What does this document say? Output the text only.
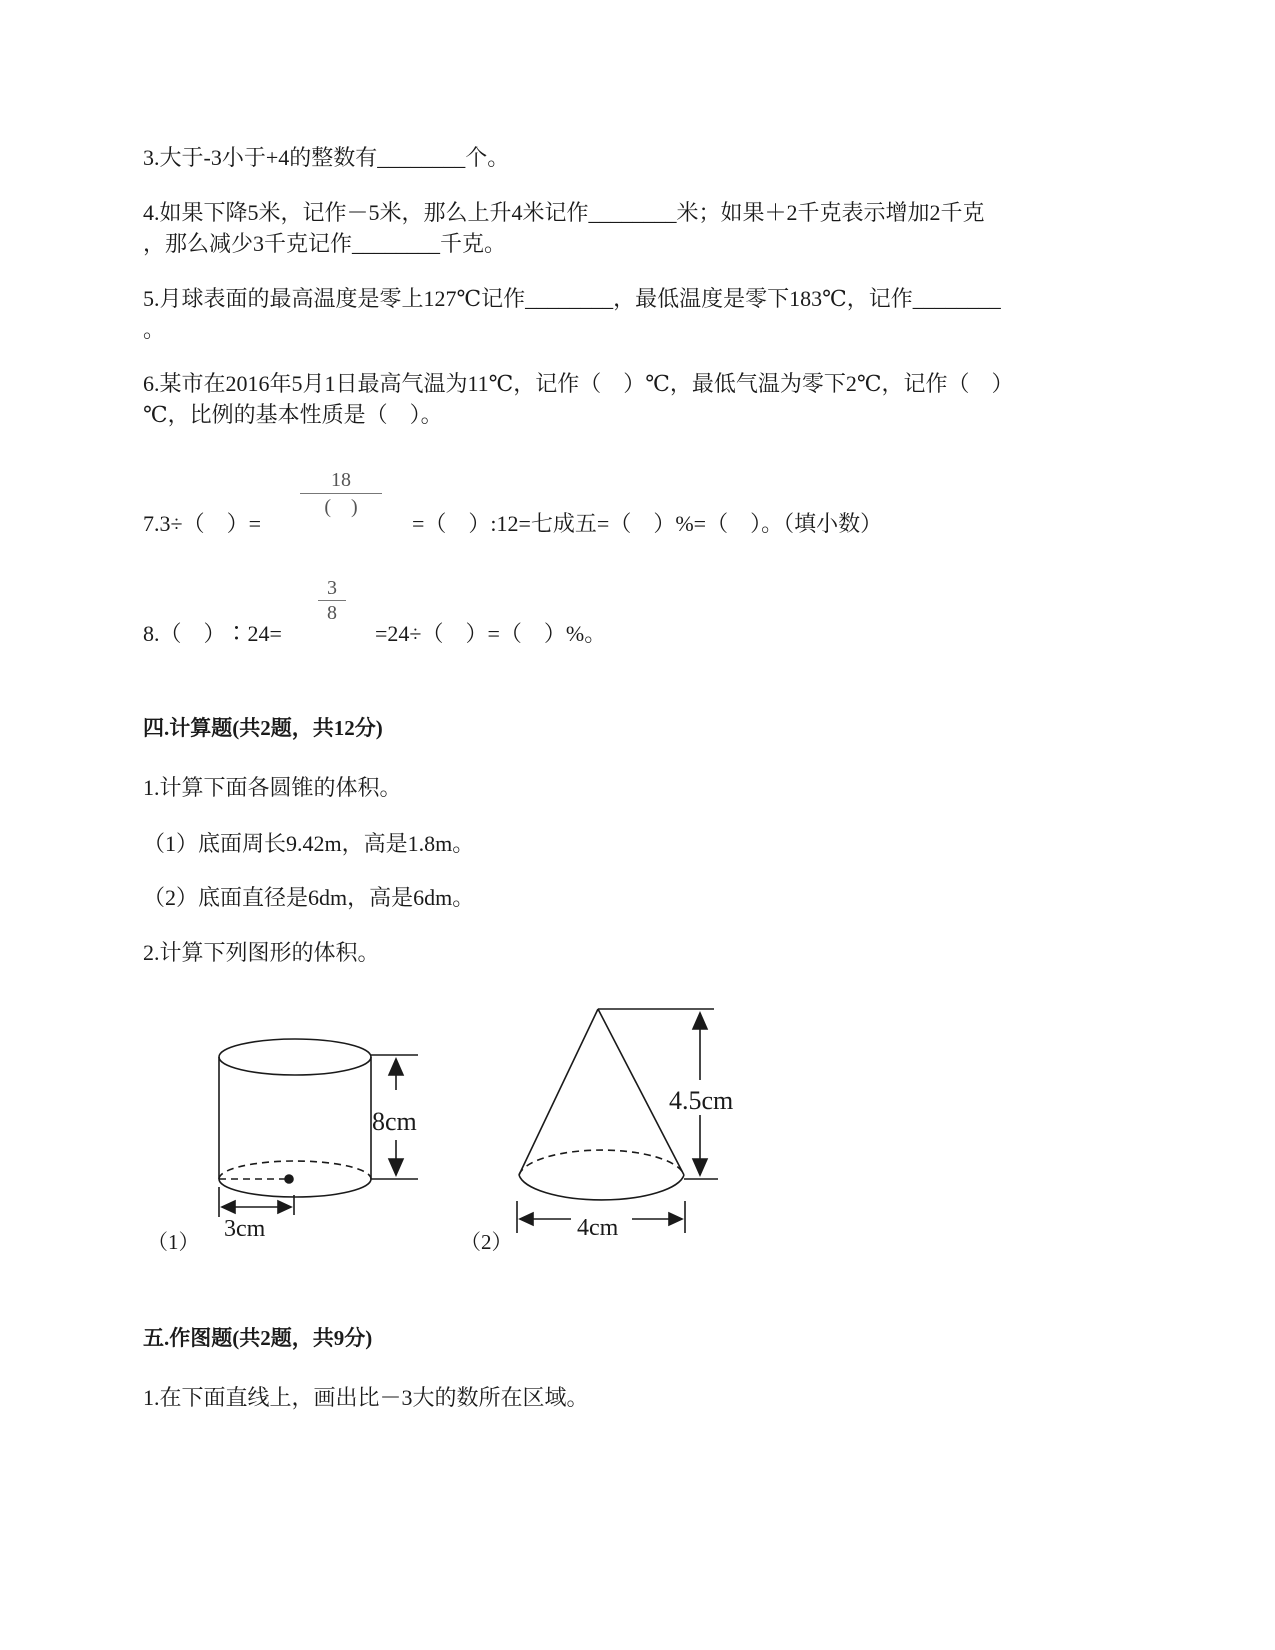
3.大于-3小于+4的整数有________个。
4.如果下降5米，记作－5米，那么上升4米记作________米；如果＋2千克表示增加2千克
，那么减少3千克记作________千克。
5.月球表面的最高温度是零上127℃记作________，最低温度是零下183℃，记作________
。
6.某市在2016年5月1日最高气温为11℃，记作（　）℃，最低气温为零下2℃，记作（　）
℃，比例的基本性质是（　）。
7.3÷（　）=
18
(　)
=（　）:12=七成五=（　）%=（　）。（填小数）
8.（　）∶24=
$\frac{3}{8}$
=24÷（　）=（　）%。
四.计算题(共2题，共12分)
1.计算下面各圆锥的体积。
（1）底面周长9.42m，高是1.8m。
（2）底面直径是6dm，高是6dm。
2.计算下列图形的体积。
8cm
3cm
（1）
4.5cm
4cm
（2）
五.作图题(共2题，共9分)
1.在下面直线上，画出比－3大的数所在区域。
